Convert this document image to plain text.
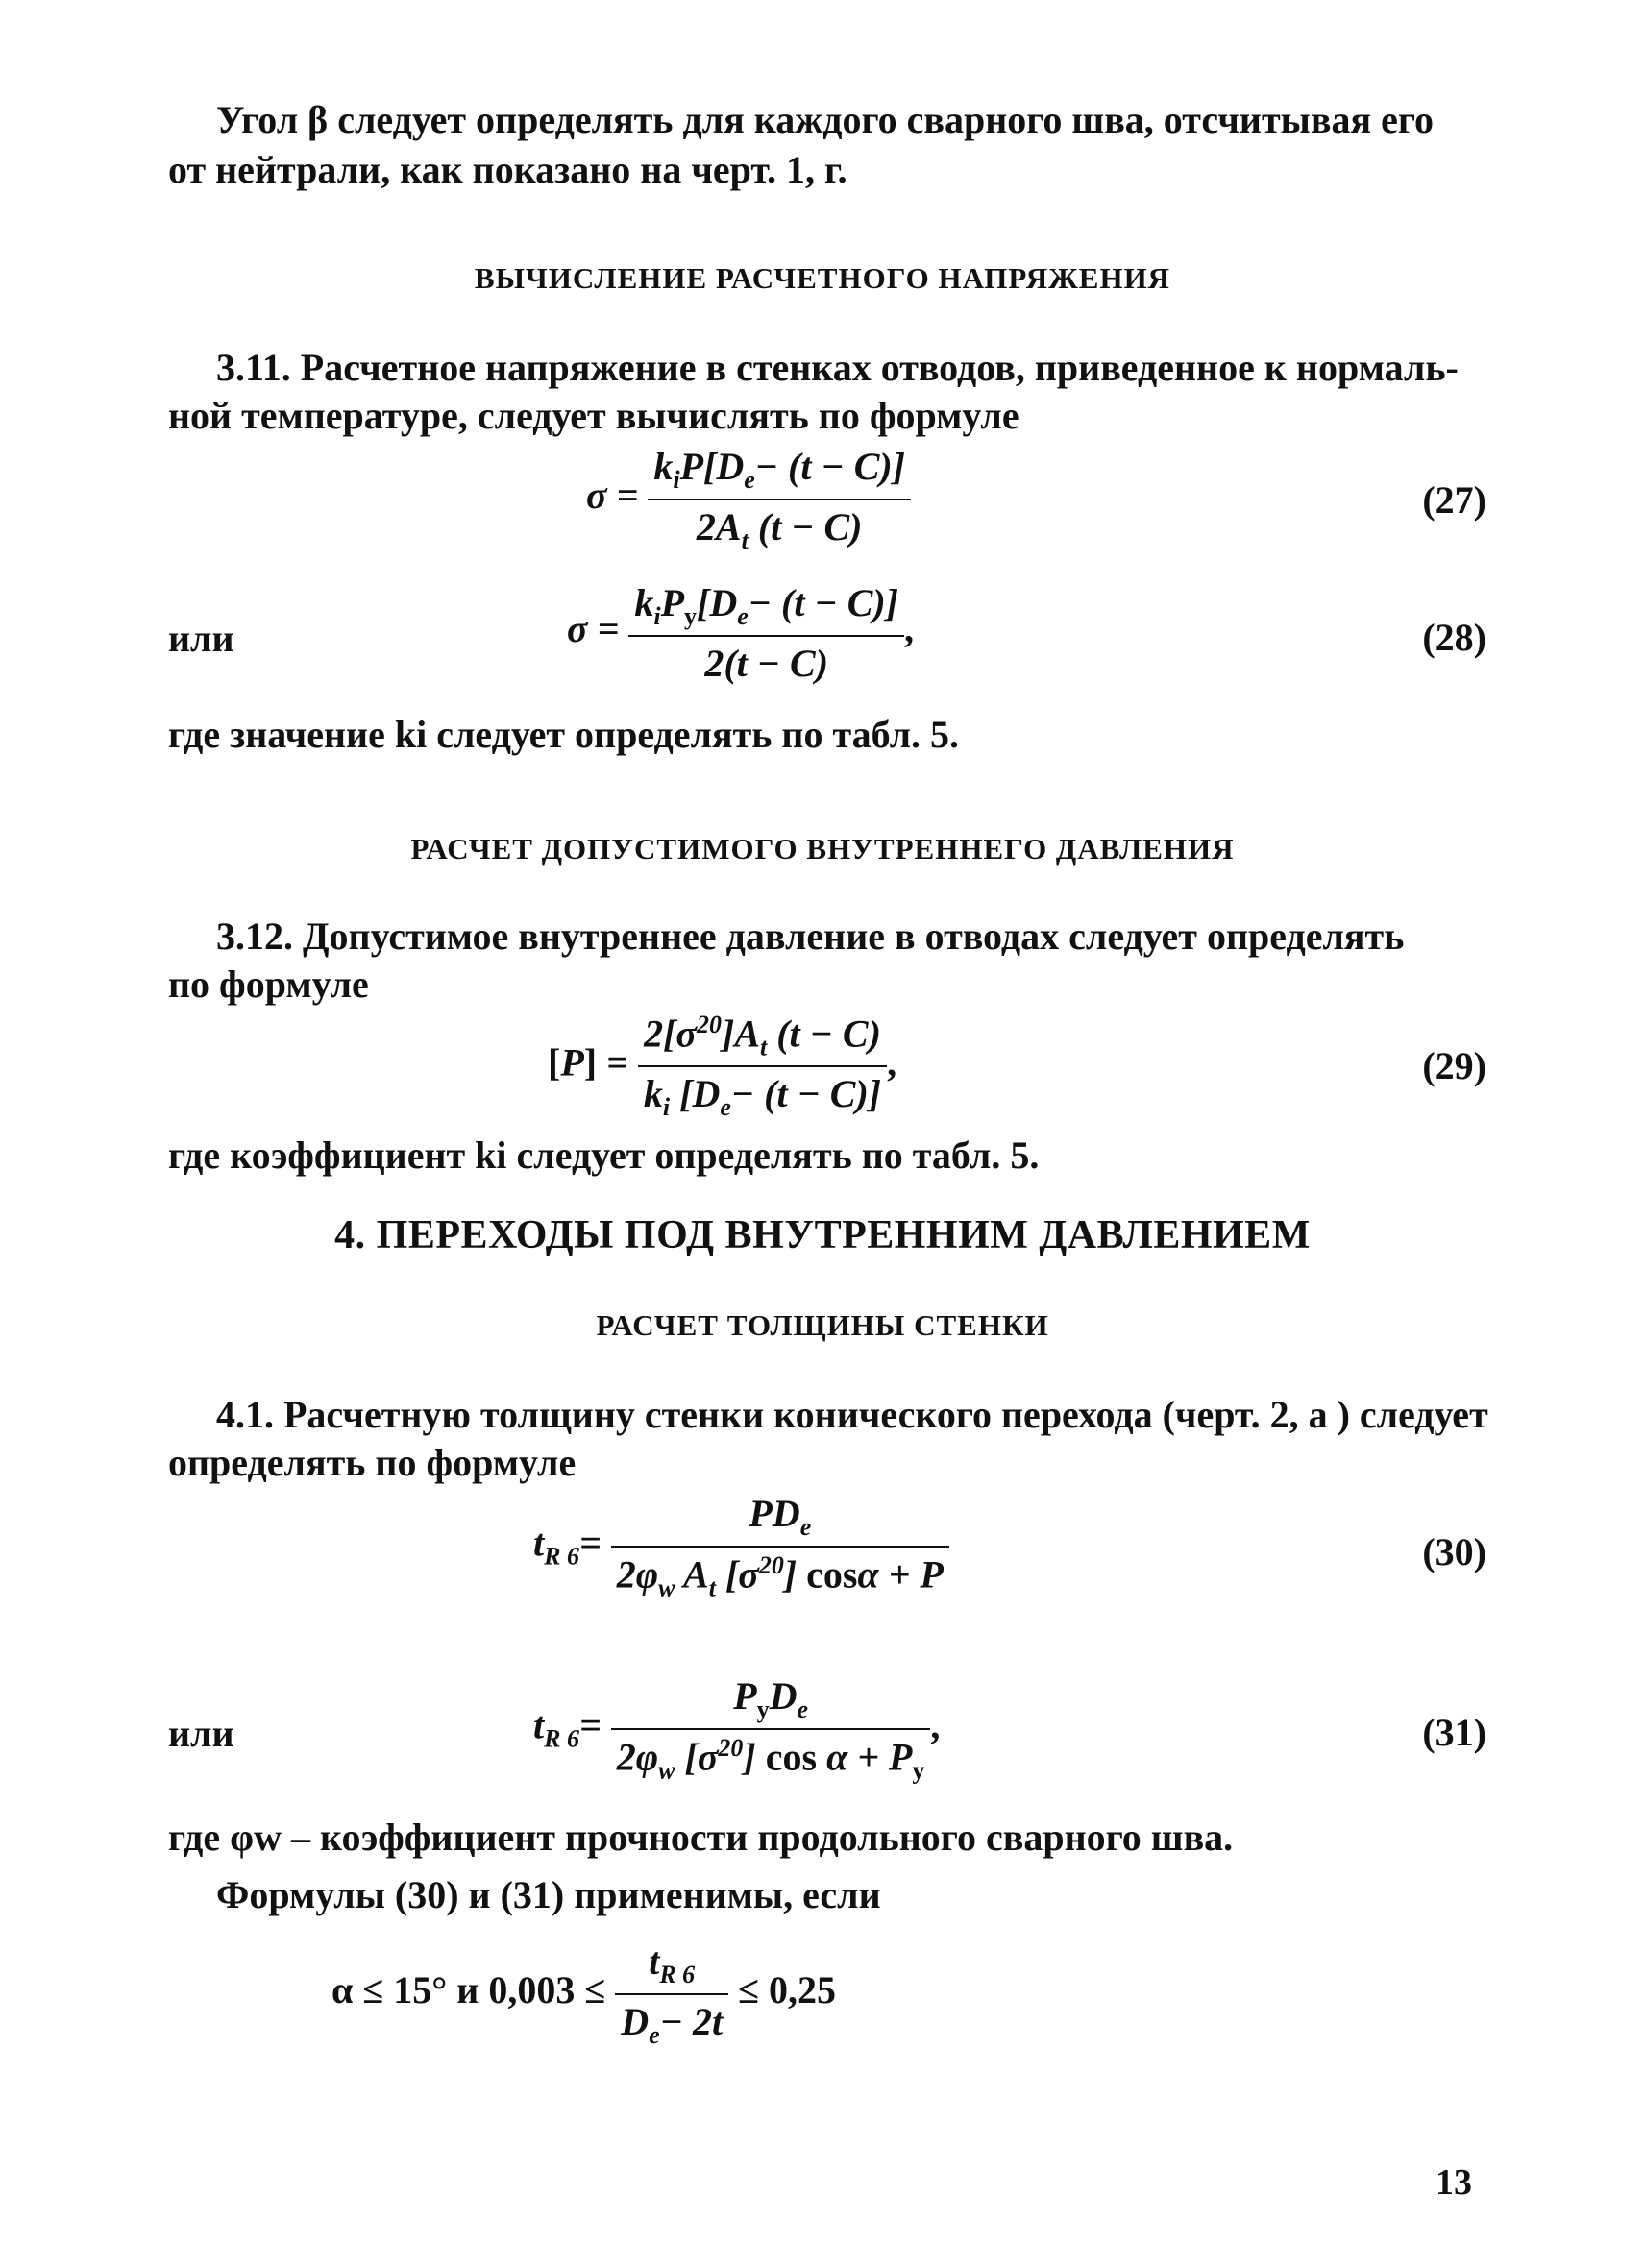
Угол β следует определять для каждого сварного шва, отсчитывая его
от нейтрали, как показано на черт. 1, г.
ВЫЧИСЛЕНИЕ РАСЧЕТНОГО НАПРЯЖЕНИЯ
3.11. Расчетное напряжение в стенках отводов, приведенное к нормаль-
ной температуре, следует вычислять по формуле
$\sigma = \frac{k_iP[D_e- (t - C)]}{2A_t (t - C)}$	(27)
или	$\sigma = \frac{k_iP_у[D_e- (t - C)]}{2(t - C)}$ ,	(28)
где значение ki следует определять по табл. 5.
РАСЧЕТ ДОПУСТИМОГО ВНУТРЕННЕГО ДАВЛЕНИЯ
3.12. Допустимое внутреннее давление в отводах следует определять
по формуле
$[P] = \frac{2[\sigma^{20}]A_t (t - C)}{k_i [D_e- (t - C)]}$ ,	(29)
где коэффициент ki следует определять по табл. 5.
4. ПЕРЕХОДЫ ПОД ВНУТРЕННИМ ДАВЛЕНИЕМ
РАСЧЕТ ТОЛЩИНЫ СТЕНКИ
4.1. Расчетную толщину стенки конического перехода (черт. 2, а ) следует
определять по формуле
$t_{R 6}= \frac{PD_e}{2\varphi_w A_t [\sigma^{20}] \cos\alpha + P}$	(30)
или	$t_{R 6}= \frac{P_уD_e}{2\varphi_w [\sigma^{20}] \cos \alpha + P_у}$ ,	(31)
где φw – коэффициент прочности продольного сварного шва.
Формулы (30) и (31) применимы, если
α ≤ 15° и $0,003 \le \frac{t_{R 6}}{D_e- 2t} \le 0,25$
13
